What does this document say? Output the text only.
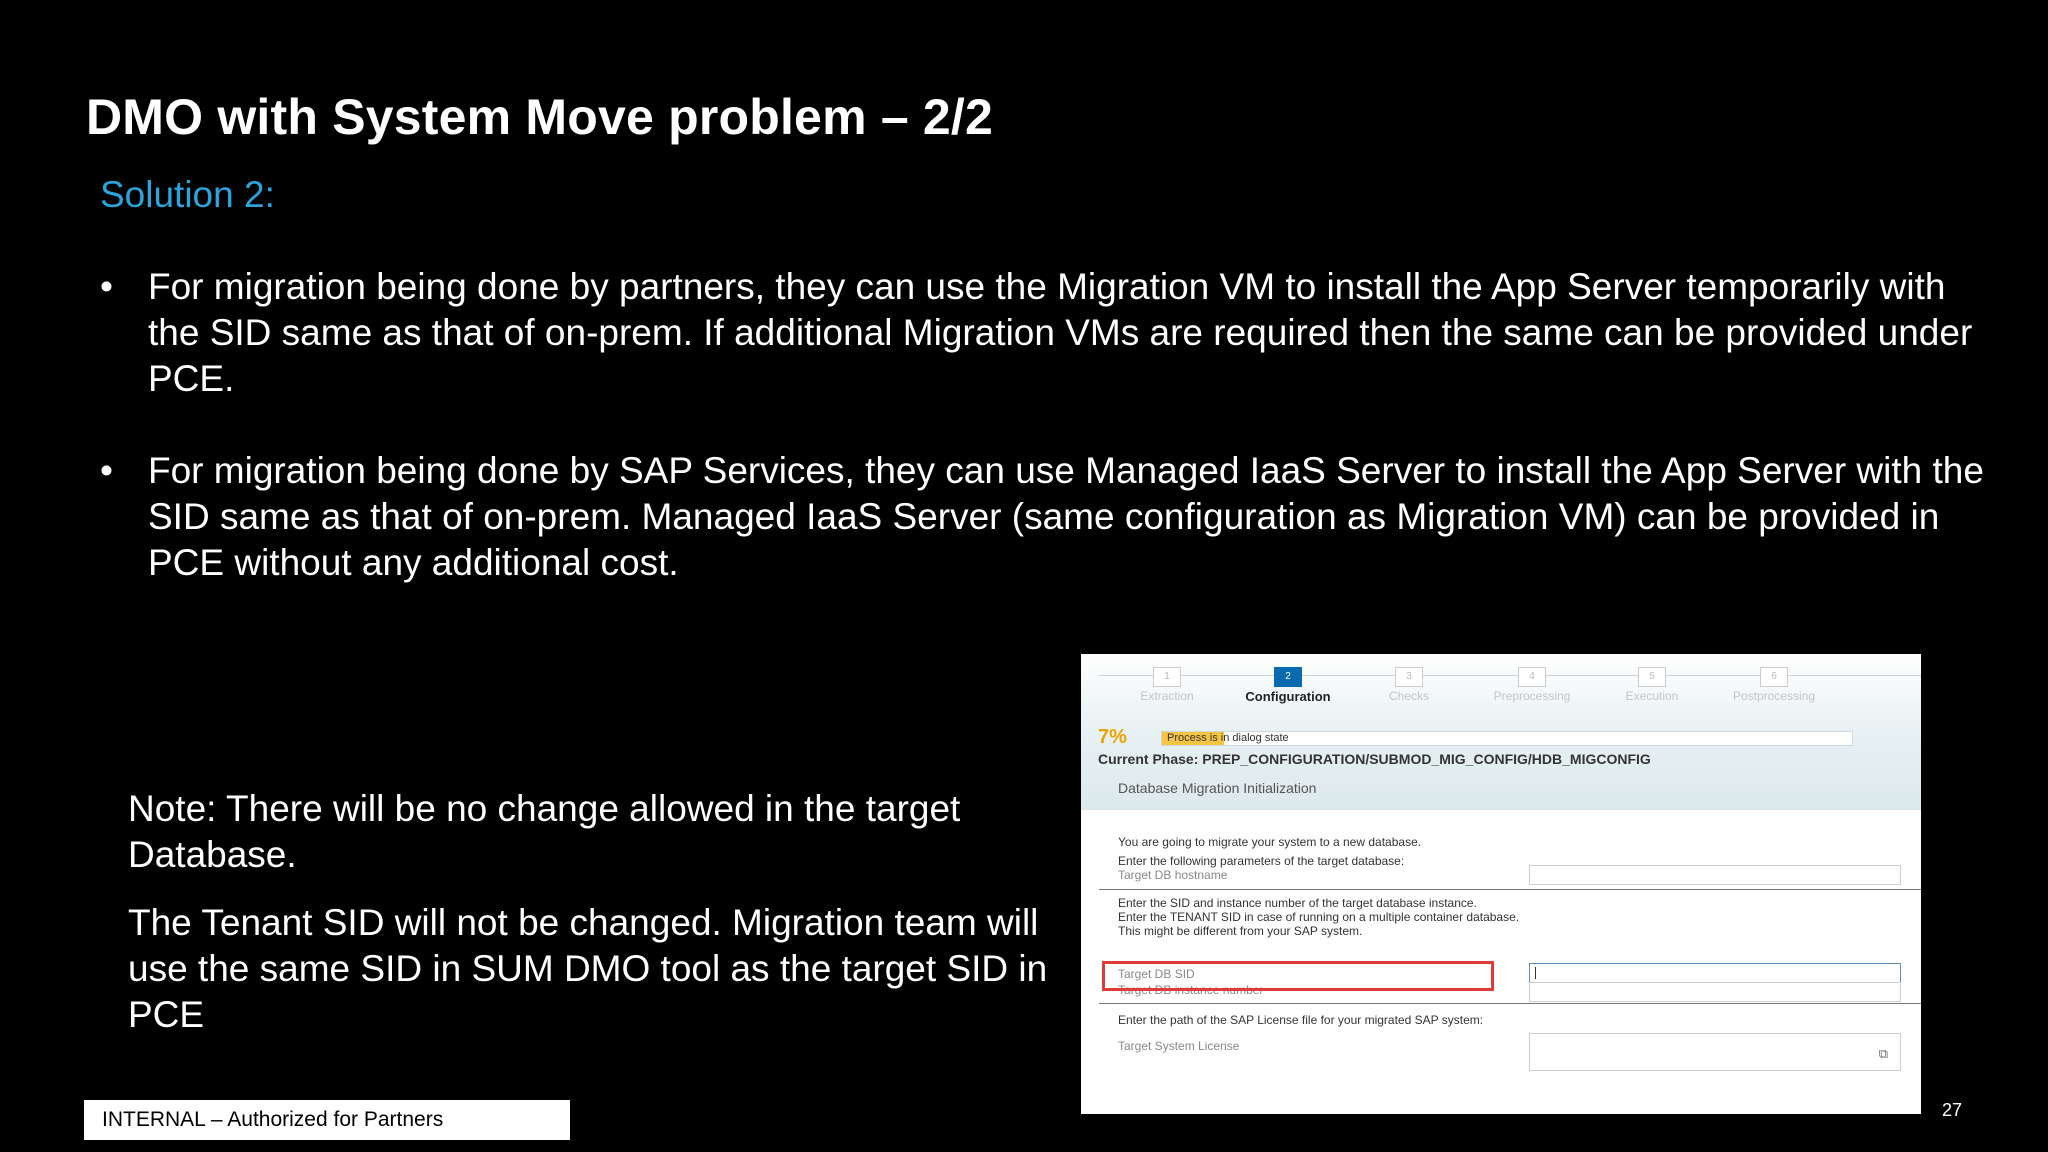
DMO with System Move problem – 2/2
Solution 2:
• For migration being done by partners, they can use the Migration VM to install the App Server temporarily with the SID same as that of on-prem. If additional Migration VMs are required then the same can be provided under PCE.
• For migration being done by SAP Services, they can use Managed IaaS Server to install the App Server with the SID same as that of on-prem. Managed IaaS Server (same configuration as Migration VM) can be provided in PCE without any additional cost.

Note: There will be no change allowed in the target Database.

The Tenant SID will not be changed. Migration team will use the same SID in SUM DMO tool as the target SID in PCE

1
Extraction
2
Configuration
3
Checks
4
Preprocessing
5
Execution
6
Postprocessing
7%	Process is in dialog state
Current Phase: PREP_CONFIGURATION/SUBMOD_MIG_CONFIG/HDB_MIGCONFIG
Database Migration Initialization
You are going to migrate your system to a new database.
Enter the following parameters of the target database:
Target DB hostname
Enter the SID and instance number of the target database instance.
Enter the TENANT SID in case of running on a multiple container database.
This might be different from your SAP system.
Target DB SID
Target DB instance number
Enter the path of the SAP License file for your migrated SAP system:
Target System License	⧉
INTERNAL – Authorized for Partners	27
